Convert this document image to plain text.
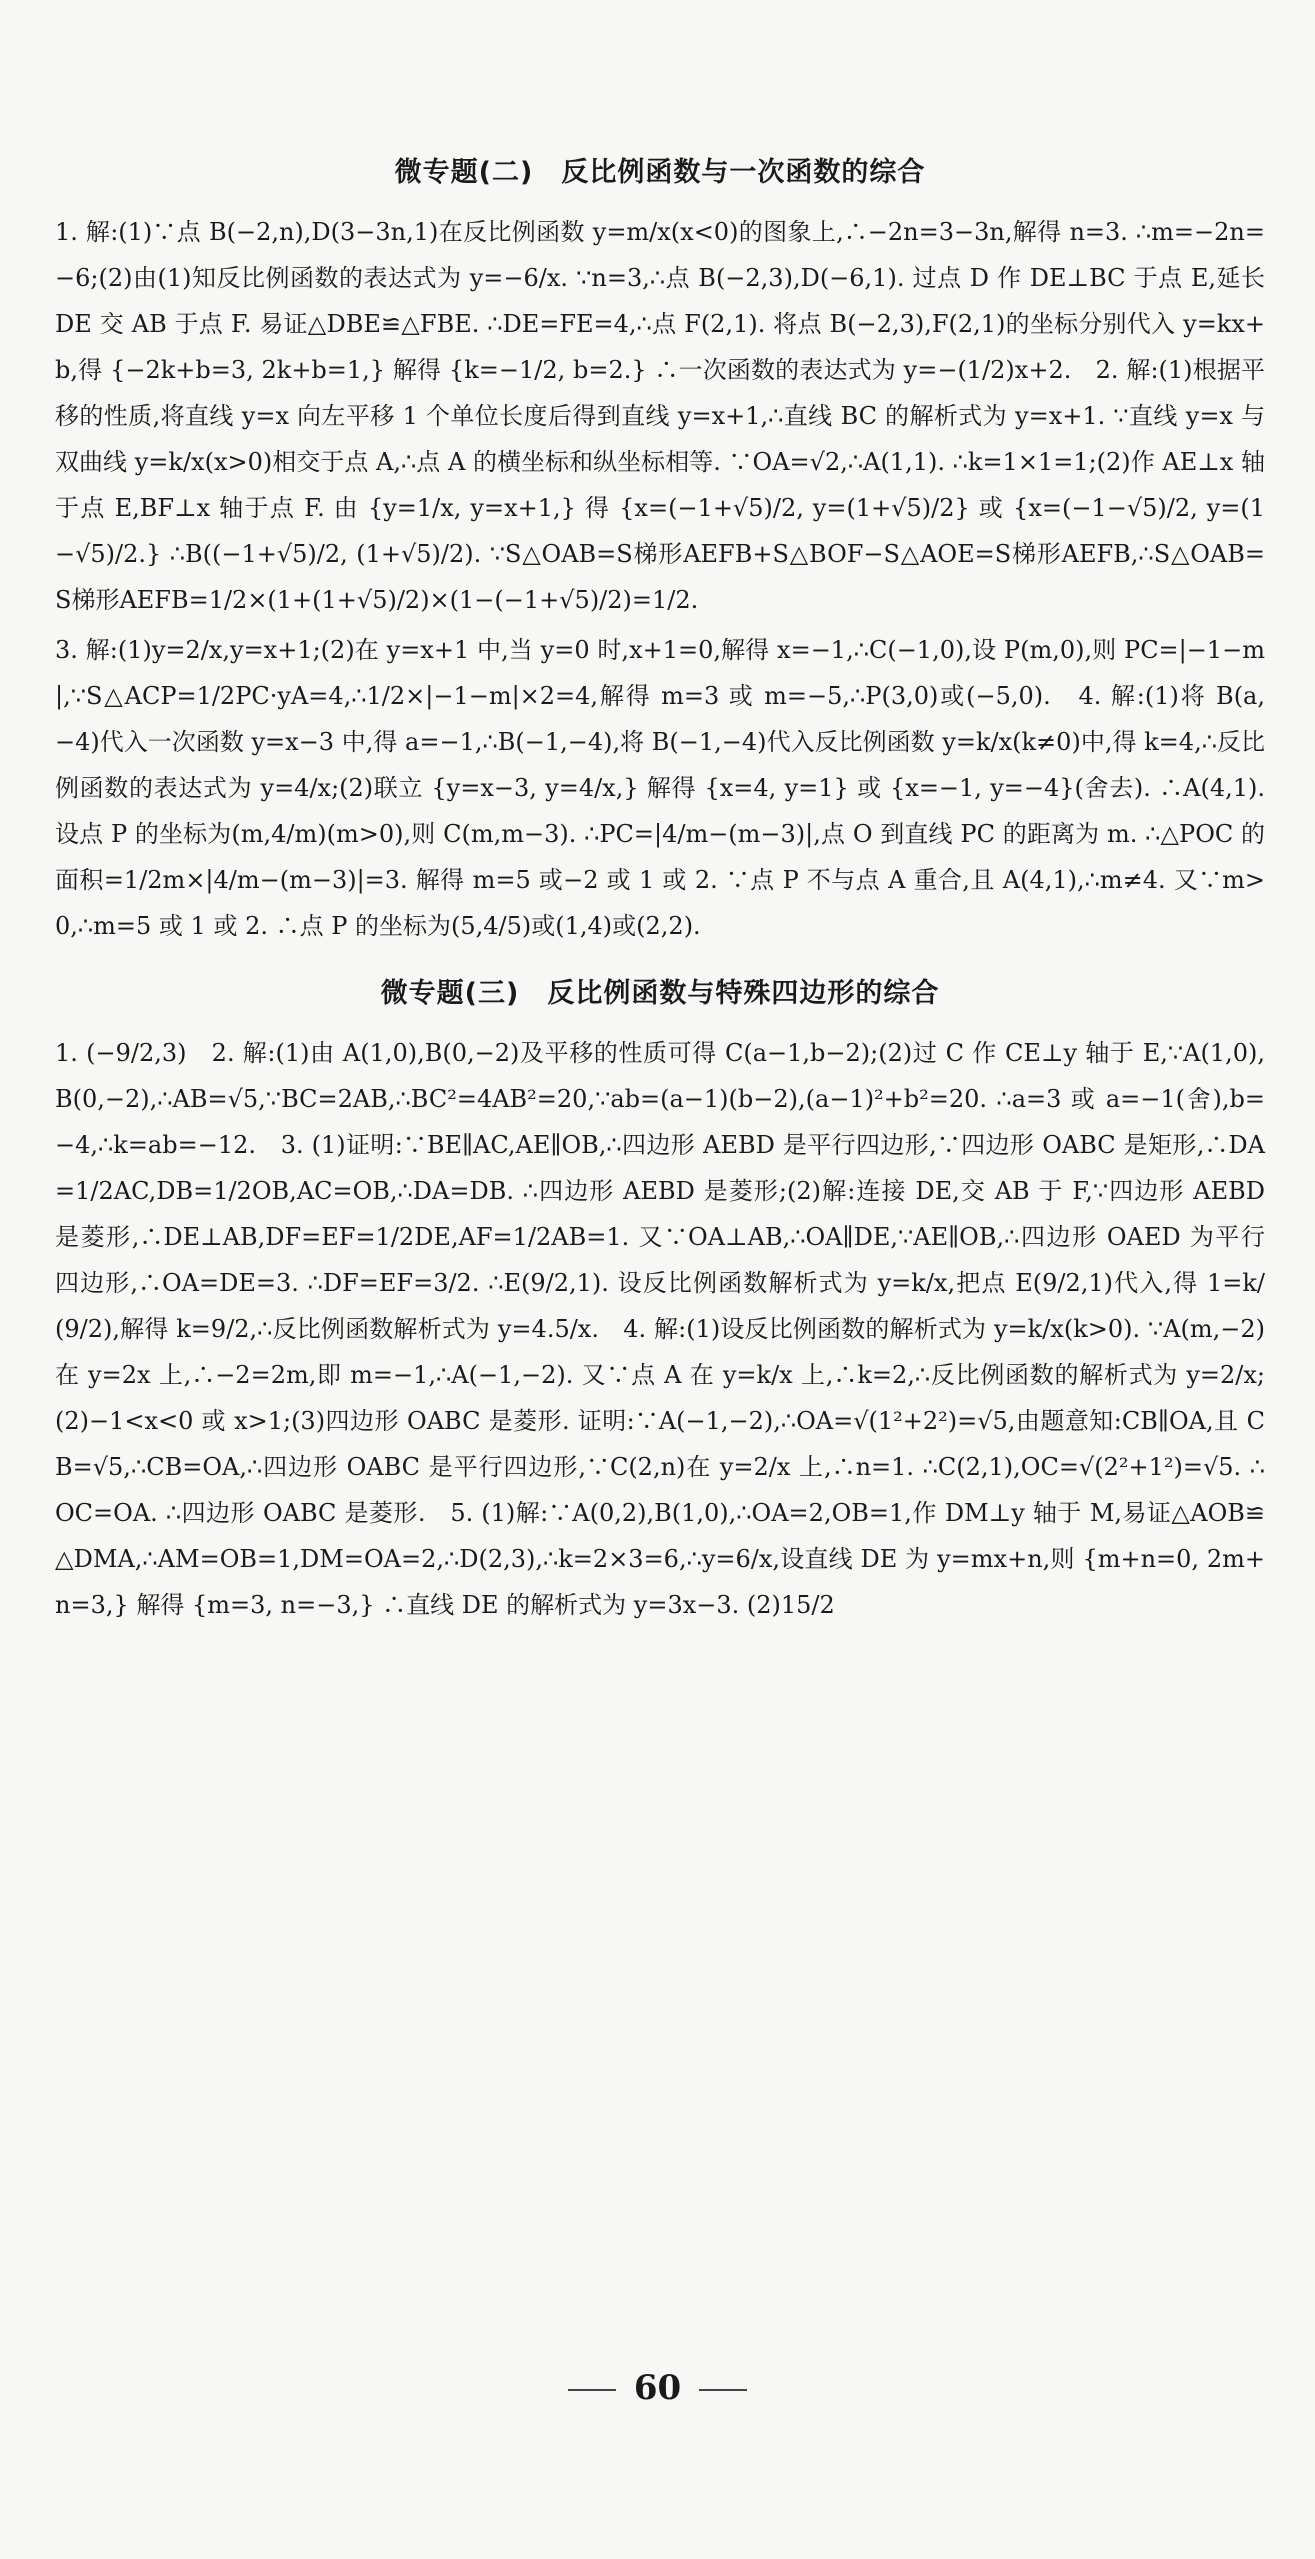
微专题(二)　反比例函数与一次函数的综合

1. 解:(1)∵点 B(−2,n),D(3−3n,1)在反比例函数 y=m/x(x<0)的图象上,∴−2n=3−3n,解得 n=3. ∴m=−2n=−6;(2)由(1)知反比例函数的表达式为 y=−6/x. ∵n=3,∴点 B(−2,3),D(−6,1). 过点 D 作 DE⊥BC 于点 E,延长 DE 交 AB 于点 F. 易证△DBE≌△FBE. ∴DE=FE=4,∴点 F(2,1). 将点 B(−2,3),F(2,1)的坐标分别代入 y=kx+b,得 {−2k+b=3, 2k+b=1,} 解得 {k=−1/2, b=2.} ∴一次函数的表达式为 y=−(1/2)x+2.　2. 解:(1)根据平移的性质,将直线 y=x 向左平移 1 个单位长度后得到直线 y=x+1,∴直线 BC 的解析式为 y=x+1. ∵直线 y=x 与双曲线 y=k/x(x>0)相交于点 A,∴点 A 的横坐标和纵坐标相等. ∵OA=√2,∴A(1,1). ∴k=1×1=1;(2)作 AE⊥x 轴于点 E,BF⊥x 轴于点 F. 由 {y=1/x, y=x+1,} 得 {x=(−1+√5)/2, y=(1+√5)/2} 或 {x=(−1−√5)/2, y=(1−√5)/2.} ∴B((−1+√5)/2, (1+√5)/2). ∵S△OAB=S梯形AEFB+S△BOF−S△AOE=S梯形AEFB,∴S△OAB=S梯形AEFB=1/2×(1+(1+√5)/2)×(1−(−1+√5)/2)=1/2.

3. 解:(1)y=2/x,y=x+1;(2)在 y=x+1 中,当 y=0 时,x+1=0,解得 x=−1,∴C(−1,0),设 P(m,0),则 PC=|−1−m|,∵S△ACP=1/2PC·yA=4,∴1/2×|−1−m|×2=4,解得 m=3 或 m=−5,∴P(3,0)或(−5,0).　4. 解:(1)将 B(a,−4)代入一次函数 y=x−3 中,得 a=−1,∴B(−1,−4),将 B(−1,−4)代入反比例函数 y=k/x(k≠0)中,得 k=4,∴反比例函数的表达式为 y=4/x;(2)联立 {y=x−3, y=4/x,} 解得 {x=4, y=1} 或 {x=−1, y=−4}(舍去). ∴A(4,1). 设点 P 的坐标为(m,4/m)(m>0),则 C(m,m−3). ∴PC=|4/m−(m−3)|,点 O 到直线 PC 的距离为 m. ∴△POC 的面积=1/2m×|4/m−(m−3)|=3. 解得 m=5 或−2 或 1 或 2. ∵点 P 不与点 A 重合,且 A(4,1),∴m≠4. 又∵m>0,∴m=5 或 1 或 2. ∴点 P 的坐标为(5,4/5)或(1,4)或(2,2).

微专题(三)　反比例函数与特殊四边形的综合

1. (−9/2,3)　2. 解:(1)由 A(1,0),B(0,−2)及平移的性质可得 C(a−1,b−2);(2)过 C 作 CE⊥y 轴于 E,∵A(1,0),B(0,−2),∴AB=√5,∵BC=2AB,∴BC²=4AB²=20,∵ab=(a−1)(b−2),(a−1)²+b²=20. ∴a=3 或 a=−1(舍),b=−4,∴k=ab=−12.　3. (1)证明:∵BE∥AC,AE∥OB,∴四边形 AEBD 是平行四边形,∵四边形 OABC 是矩形,∴DA=1/2AC,DB=1/2OB,AC=OB,∴DA=DB. ∴四边形 AEBD 是菱形;(2)解:连接 DE,交 AB 于 F,∵四边形 AEBD 是菱形,∴DE⊥AB,DF=EF=1/2DE,AF=1/2AB=1. 又∵OA⊥AB,∴OA∥DE,∵AE∥OB,∴四边形 OAED 为平行四边形,∴OA=DE=3. ∴DF=EF=3/2. ∴E(9/2,1). 设反比例函数解析式为 y=k/x,把点 E(9/2,1)代入,得 1=k/(9/2),解得 k=9/2,∴反比例函数解析式为 y=4.5/x.　4. 解:(1)设反比例函数的解析式为 y=k/x(k>0). ∵A(m,−2)在 y=2x 上,∴−2=2m,即 m=−1,∴A(−1,−2). 又∵点 A 在 y=k/x 上,∴k=2,∴反比例函数的解析式为 y=2/x;(2)−1<x<0 或 x>1;(3)四边形 OABC 是菱形. 证明:∵A(−1,−2),∴OA=√(1²+2²)=√5,由题意知:CB∥OA,且 CB=√5,∴CB=OA,∴四边形 OABC 是平行四边形,∵C(2,n)在 y=2/x 上,∴n=1. ∴C(2,1),OC=√(2²+1²)=√5. ∴OC=OA. ∴四边形 OABC 是菱形.　5. (1)解:∵A(0,2),B(1,0),∴OA=2,OB=1,作 DM⊥y 轴于 M,易证△AOB≌△DMA,∴AM=OB=1,DM=OA=2,∴D(2,3),∴k=2×3=6,∴y=6/x,设直线 DE 为 y=mx+n,则 {m+n=0, 2m+n=3,} 解得 {m=3, n=−3,} ∴直线 DE 的解析式为 y=3x−3. (2)15/2

60
